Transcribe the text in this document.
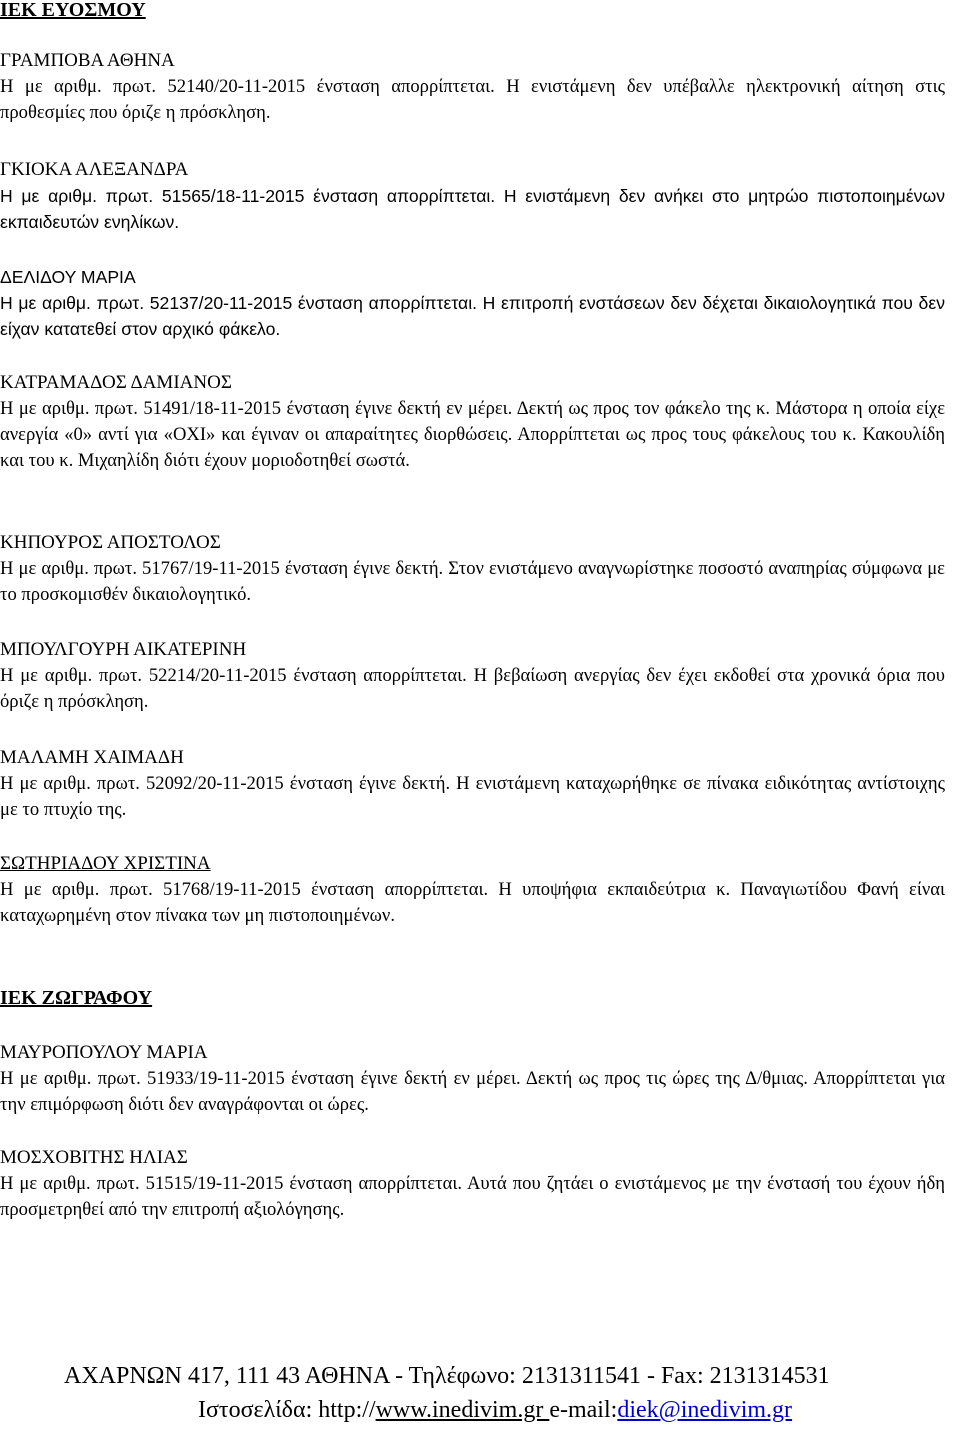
ΙΕΚ ΕΥΟΣΜΟΥ

ΓΡΑΜΠΟΒΑ ΑΘΗΝΑ

Η με αριθμ. πρωτ. 52140/20-11-2015 ένσταση απορρίπτεται. Η ενιστάμενη δεν υπέβαλλε ηλεκτρονική αίτηση στις προθεσμίες που όριζε η πρόσκληση.

ΓΚΙΟΚΑ ΑΛΕΞΑΝΔΡΑ

Η με αριθμ. πρωτ. 51565/18-11-2015 ένσταση απορρίπτεται. Η ενιστάμενη δεν ανήκει στο μητρώο πιστοποιημένων εκπαιδευτών ενηλίκων.

ΔΕΛΙΔΟΥ ΜΑΡΙΑ

Η με αριθμ. πρωτ. 52137/20-11-2015 ένσταση απορρίπτεται. Η επιτροπή ενστάσεων δεν δέχεται δικαιολογητικά που δεν είχαν κατατεθεί στον αρχικό φάκελο.

ΚΑΤΡΑΜΑΔΟΣ ΔΑΜΙΑΝΟΣ

Η με αριθμ. πρωτ. 51491/18-11-2015 ένσταση έγινε δεκτή εν μέρει. Δεκτή ως προς τον φάκελο της κ. Μάστορα η οποία είχε ανεργία «0» αντί για «ΟΧΙ» και έγιναν οι απαραίτητες διορθώσεις. Απορρίπτεται ως προς τους φάκελους του κ. Κακουλίδη και του κ. Μιχαηλίδη διότι έχουν μοριοδοτηθεί σωστά.

ΚΗΠΟΥΡΟΣ ΑΠΟΣΤΟΛΟΣ

Η με αριθμ. πρωτ. 51767/19-11-2015 ένσταση έγινε δεκτή. Στον ενιστάμενο αναγνωρίστηκε ποσοστό αναπηρίας σύμφωνα με το προσκομισθέν δικαιολογητικό.

ΜΠΟΥΛΓΟΥΡΗ ΑΙΚΑΤΕΡΙΝΗ

Η με αριθμ. πρωτ. 52214/20-11-2015 ένσταση απορρίπτεται. Η βεβαίωση ανεργίας δεν έχει εκδοθεί στα χρονικά όρια που όριζε η πρόσκληση.

ΜΑΛΑΜΗ ΧΑΙΜΑΔΗ

Η με αριθμ. πρωτ. 52092/20-11-2015 ένσταση έγινε δεκτή. Η ενιστάμενη καταχωρήθηκε σε πίνακα ειδικότητας αντίστοιχης με το πτυχίο της.

ΣΩΤΗΡΙΑΔΟΥ ΧΡΙΣΤΙΝΑ

Η με αριθμ. πρωτ. 51768/19-11-2015 ένσταση απορρίπτεται. Η υποψήφια εκπαιδεύτρια κ. Παναγιωτίδου Φανή είναι καταχωρημένη στον πίνακα των μη πιστοποιημένων.

ΙΕΚ ΖΩΓΡΑΦΟΥ

ΜΑΥΡΟΠΟΥΛΟΥ ΜΑΡΙΑ

Η με αριθμ. πρωτ. 51933/19-11-2015 ένσταση έγινε δεκτή εν μέρει. Δεκτή ως προς τις ώρες της Δ/θμιας. Απορρίπτεται για την επιμόρφωση διότι δεν αναγράφονται οι ώρες.

ΜΟΣΧΟΒΙΤΗΣ ΗΛΙΑΣ

Η με αριθμ. πρωτ. 51515/19-11-2015 ένσταση απορρίπτεται. Αυτά που ζητάει ο ενιστάμενος με την ένστασή του έχουν ήδη προσμετρηθεί από την επιτροπή αξιολόγησης.

ΑΧΑΡΝΩΝ 417, 111 43 ΑΘΗΝΑ - Τηλέφωνο: 2131311541 - Fax: 2131314531
Ιστοσελίδα: http://www.inedivim.gr e-mail:diek@inedivim.gr
